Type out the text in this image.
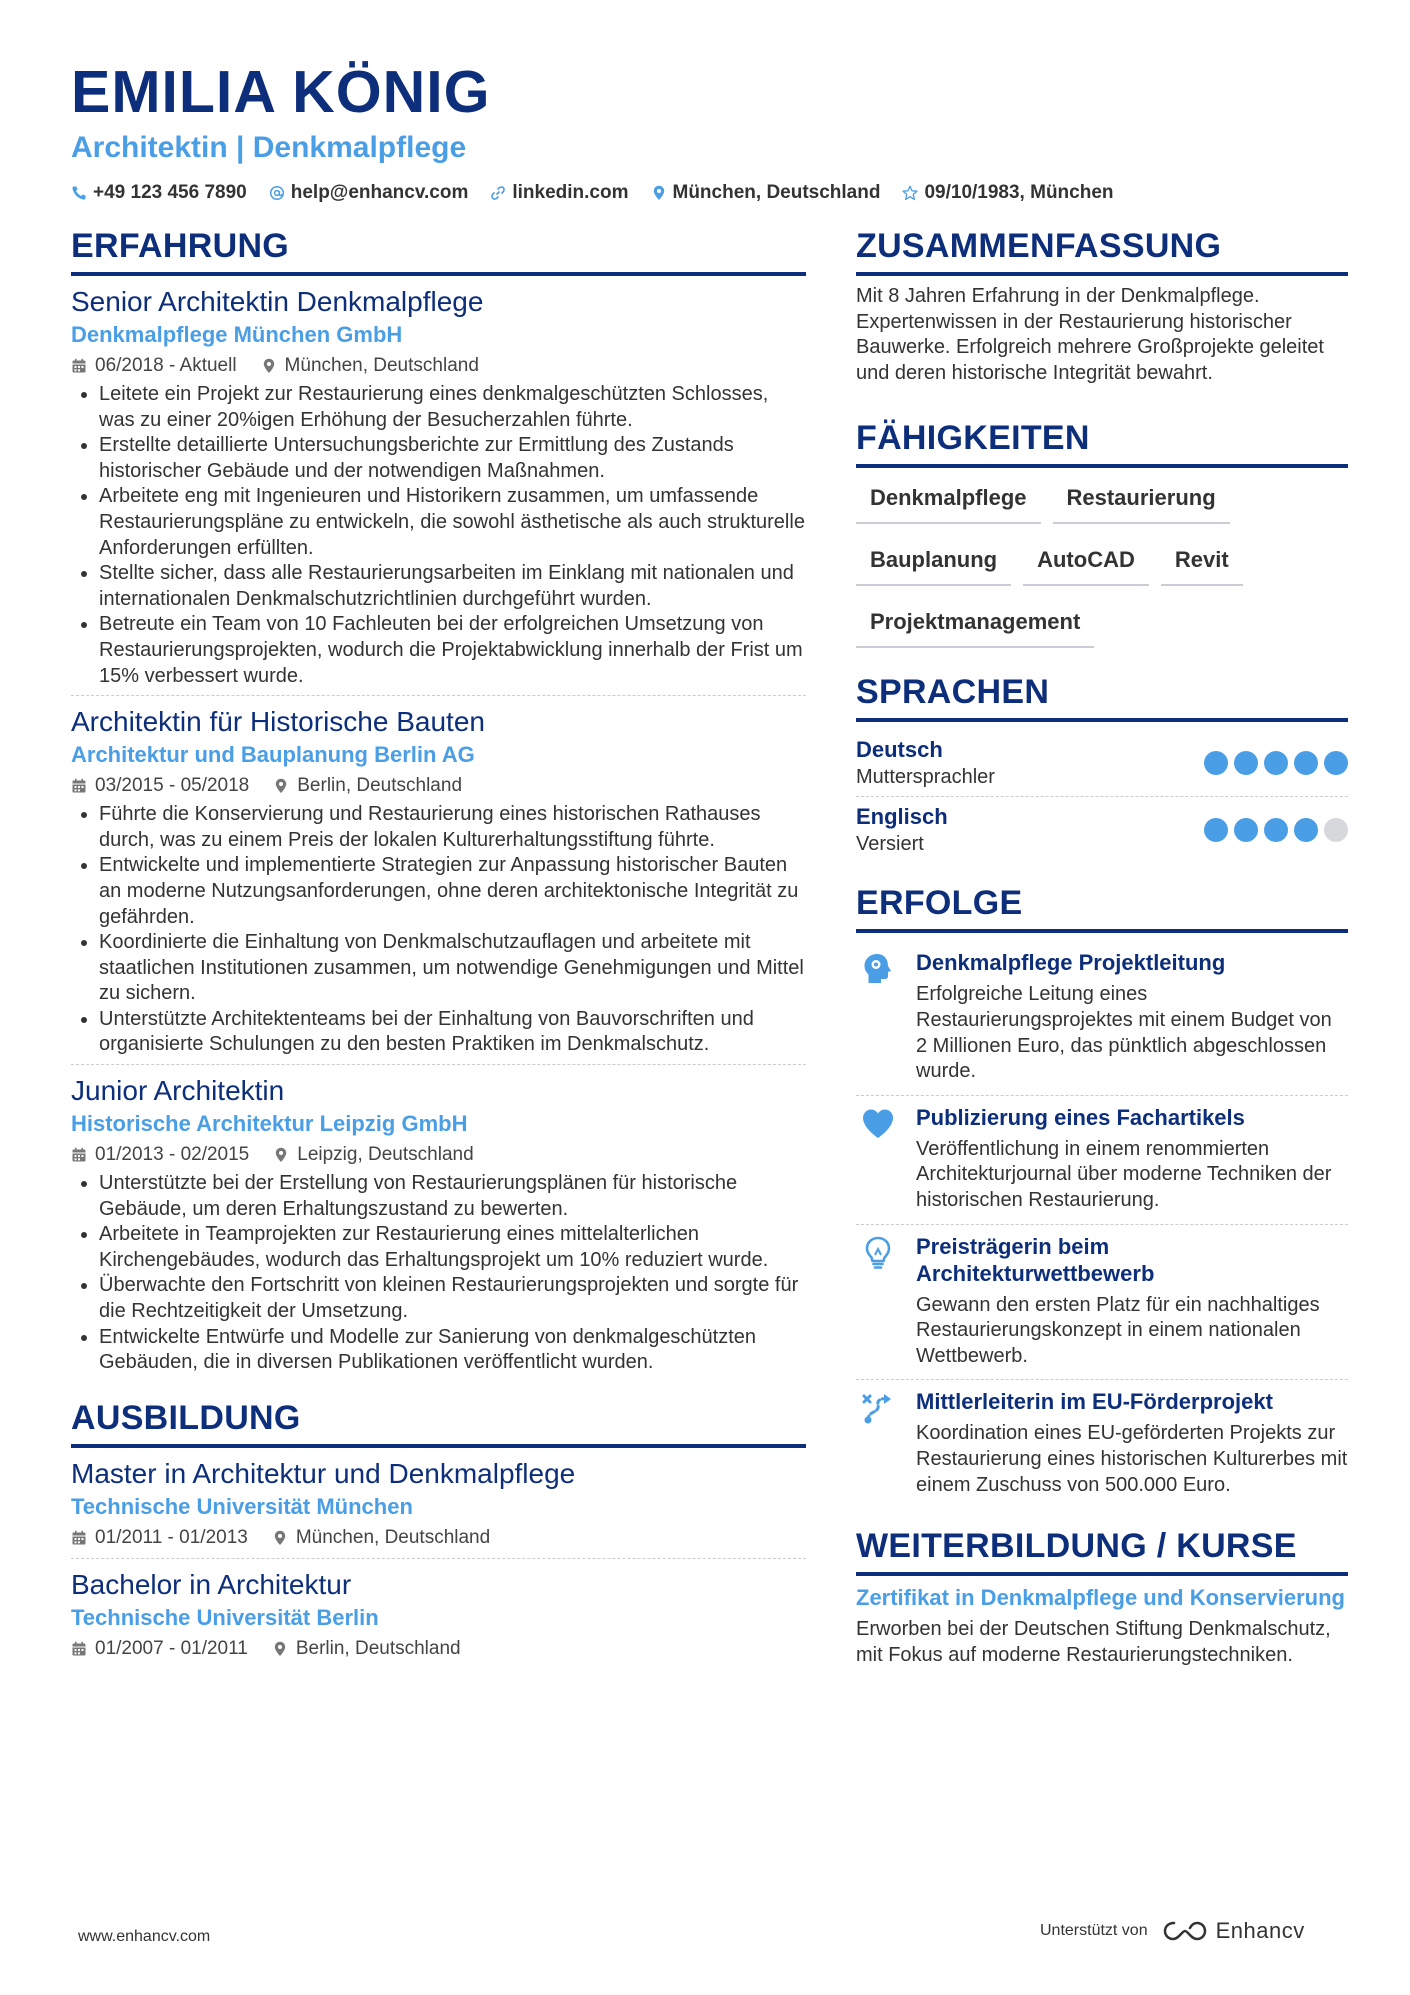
EMILIA KÖNIG
Architektin | Denkmalpflege
+49 123 456 7890 help@enhancv.com linkedin.com München, Deutschland 09/10/1983, München
ERFAHRUNG
Senior Architektin Denkmalpflege
Denkmalpflege München GmbH
06/2018 - Aktuell	München, Deutschland
• Leitete ein Projekt zur Restaurierung eines denkmalgeschützten Schlosses, was zu einer 20%igen Erhöhung der Besucherzahlen führte.
• Erstellte detaillierte Untersuchungsberichte zur Ermittlung des Zustands historischer Gebäude und der notwendigen Maßnahmen.
• Arbeitete eng mit Ingenieuren und Historikern zusammen, um umfassende Restaurierungspläne zu entwickeln, die sowohl ästhetische als auch strukturelle Anforderungen erfüllten.
• Stellte sicher, dass alle Restaurierungsarbeiten im Einklang mit nationalen und internationalen Denkmalschutzrichtlinien durchgeführt wurden.
• Betreute ein Team von 10 Fachleuten bei der erfolgreichen Umsetzung von Restaurierungsprojekten, wodurch die Projektabwicklung innerhalb der Frist um 15% verbessert wurde.
Architektin für Historische Bauten
Architektur und Bauplanung Berlin AG
03/2015 - 05/2018	Berlin, Deutschland
• Führte die Konservierung und Restaurierung eines historischen Rathauses durch, was zu einem Preis der lokalen Kulturerhaltungsstiftung führte.
• Entwickelte und implementierte Strategien zur Anpassung historischer Bauten an moderne Nutzungsanforderungen, ohne deren architektonische Integrität zu gefährden.
• Koordinierte die Einhaltung von Denkmalschutzauflagen und arbeitete mit staatlichen Institutionen zusammen, um notwendige Genehmigungen und Mittel zu sichern.
• Unterstützte Architektenteams bei der Einhaltung von Bauvorschriften und organisierte Schulungen zu den besten Praktiken im Denkmalschutz.
Junior Architektin
Historische Architektur Leipzig GmbH
01/2013 - 02/2015	Leipzig, Deutschland
• Unterstützte bei der Erstellung von Restaurierungsplänen für historische Gebäude, um deren Erhaltungszustand zu bewerten.
• Arbeitete in Teamprojekten zur Restaurierung eines mittelalterlichen Kirchengebäudes, wodurch das Erhaltungsprojekt um 10% reduziert wurde.
• Überwachte den Fortschritt von kleinen Restaurierungsprojekten und sorgte für die Rechtzeitigkeit der Umsetzung.
• Entwickelte Entwürfe und Modelle zur Sanierung von denkmalgeschützten Gebäuden, die in diversen Publikationen veröffentlicht wurden.
AUSBILDUNG
Master in Architektur und Denkmalpflege
Technische Universität München
01/2011 - 01/2013	München, Deutschland
Bachelor in Architektur
Technische Universität Berlin
01/2007 - 01/2011	Berlin, Deutschland
ZUSAMMENFASSUNG

Mit 8 Jahren Erfahrung in der Denkmalpflege. Expertenwissen in der Restaurierung historischer Bauwerke. Erfolgreich mehrere Großprojekte geleitet und deren historische Integrität bewahrt.

FÄHIGKEITEN
Denkmalpflege	Restaurierung
Bauplanung	AutoCAD	Revit
Projektmanagement
SPRACHEN
Deutsch
Muttersprachler
Englisch
Versiert
ERFOLGE
Denkmalpflege Projektleitung
Erfolgreiche Leitung eines Restaurierungsprojektes mit einem Budget von 2 Millionen Euro, das pünktlich abgeschlossen wurde.
Publizierung eines Fachartikels
Veröffentlichung in einem renommierten Architekturjournal über moderne Techniken der historischen Restaurierung.
Preisträgerin beim Architekturwettbewerb
Gewann den ersten Platz für ein nachhaltiges Restaurierungskonzept in einem nationalen Wettbewerb.
Mittlerleiterin im EU-Förderprojekt
Koordination eines EU-geförderten Projekts zur Restaurierung eines historischen Kulturerbes mit einem Zuschuss von 500.000 Euro.
WEITERBILDUNG / KURSE
Zertifikat in Denkmalpflege und Konservierung
Erworben bei der Deutschen Stiftung Denkmalschutz, mit Fokus auf moderne Restaurierungstechniken.
www.enhancv.com	Unterstützt von	Enhancv
